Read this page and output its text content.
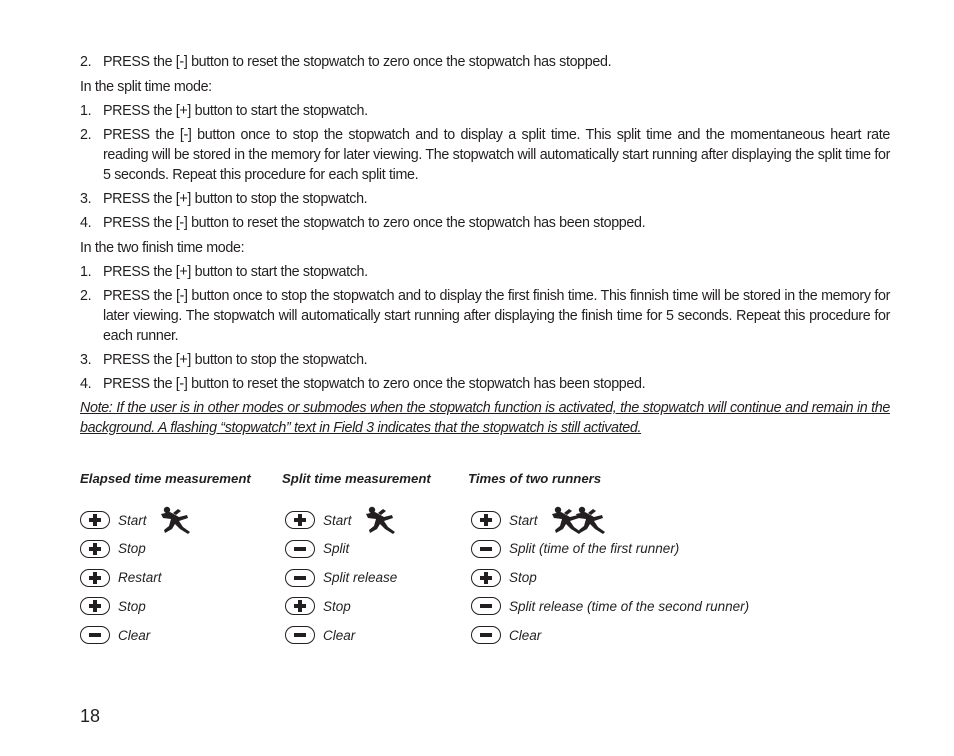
2. PRESS the [-] button to reset the stopwatch to zero once the stopwatch has stopped.
In the split time mode:
1. PRESS the [+] button to start the stopwatch.
2. PRESS the [-] button once to stop the stopwatch and to display a split time. This split time and the momentaneous heart rate reading will be stored in the memory for later viewing. The stopwatch will automatically start running after displaying the split time for 5 seconds. Repeat this procedure for each split time.
3. PRESS the [+] button to stop the stopwatch.
4. PRESS the [-] button to reset the stopwatch to zero once the stopwatch has been stopped.
In the two finish time mode:
1. PRESS the [+] button to start the stopwatch.
2. PRESS the [-] button once to stop the stopwatch and to display the first finish time. This finnish time will be stored in the memory for later viewing. The stopwatch will automatically start running after displaying the finish time for 5 seconds. Repeat this procedure for each runner.
3. PRESS the [+] button to stop the stopwatch.
4. PRESS the [-] button to reset the stopwatch to zero once the stopwatch has been stopped.
Note: If the user is in other modes or submodes when the stopwatch function is activated, the stopwatch will continue and remain in the background. A flashing “stopwatch” text in Field 3 indicates that the stopwatch is still activated.
Elapsed time measurement Split time measurement	Times of two runners
Start
Stop
Restart
Stop
Clear
Start
Split
Split release
Stop
Clear
Start
Split (time of the first runner)
Stop
Split release (time of the second runner)
Clear
18
